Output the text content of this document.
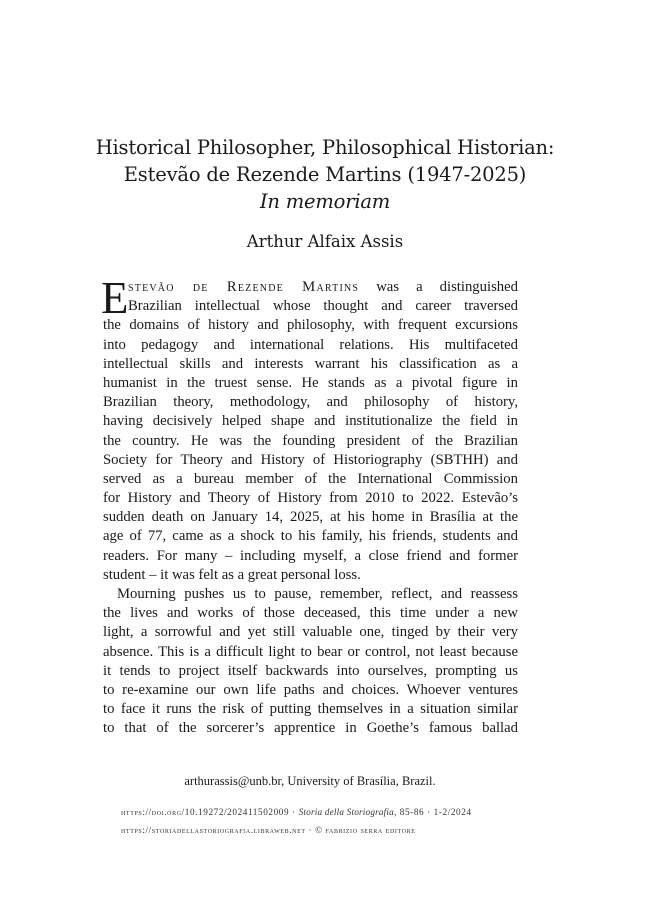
Historical Philosopher, Philosophical Historian:
Estevão de Rezende Martins (1947-2025)
In memoriam
Arthur Alfaix Assis
E stevão de Rezende Martins was a distinguished
Brazilian intellectual whose thought and career traversed
the domains of history and philosophy, with frequent excursions
into pedagogy and international relations. His multifaceted
intellectual skills and interests warrant his classification as a
humanist in the truest sense. He stands as a pivotal figure in
Brazilian theory, methodology, and philosophy of history,
having decisively helped shape and institutionalize the field in
the country. He was the founding president of the Brazilian
Society for Theory and History of Historiography (SBTHH) and
served as a bureau member of the International Commission
for History and Theory of History from 2010 to 2022. Estevão’s
sudden death on January 14, 2025, at his home in Brasília at the
age of 77, came as a shock to his family, his friends, students and
readers. For many – including myself, a close friend and former
student – it was felt as a great personal loss.
Mourning pushes us to pause, remember, reflect, and reassess
the lives and works of those deceased, this time under a new
light, a sorrowful and yet still valuable one, tinged by their very
absence. This is a difficult light to bear or control, not least because
it tends to project itself backwards into ourselves, prompting us
to re-examine our own life paths and choices. Whoever ventures
to face it runs the risk of putting themselves in a situation similar
to that of the sorcerer’s apprentice in Goethe’s famous ballad
arthurassis@unb.br, University of Brasília, Brazil.
https://doi.org/10.19272/202411502009 · Storia della Storiografia, 85-86 · 1-2/2024
https://storiadellastoriografia.libraweb.net · © fabrizio serra editore
